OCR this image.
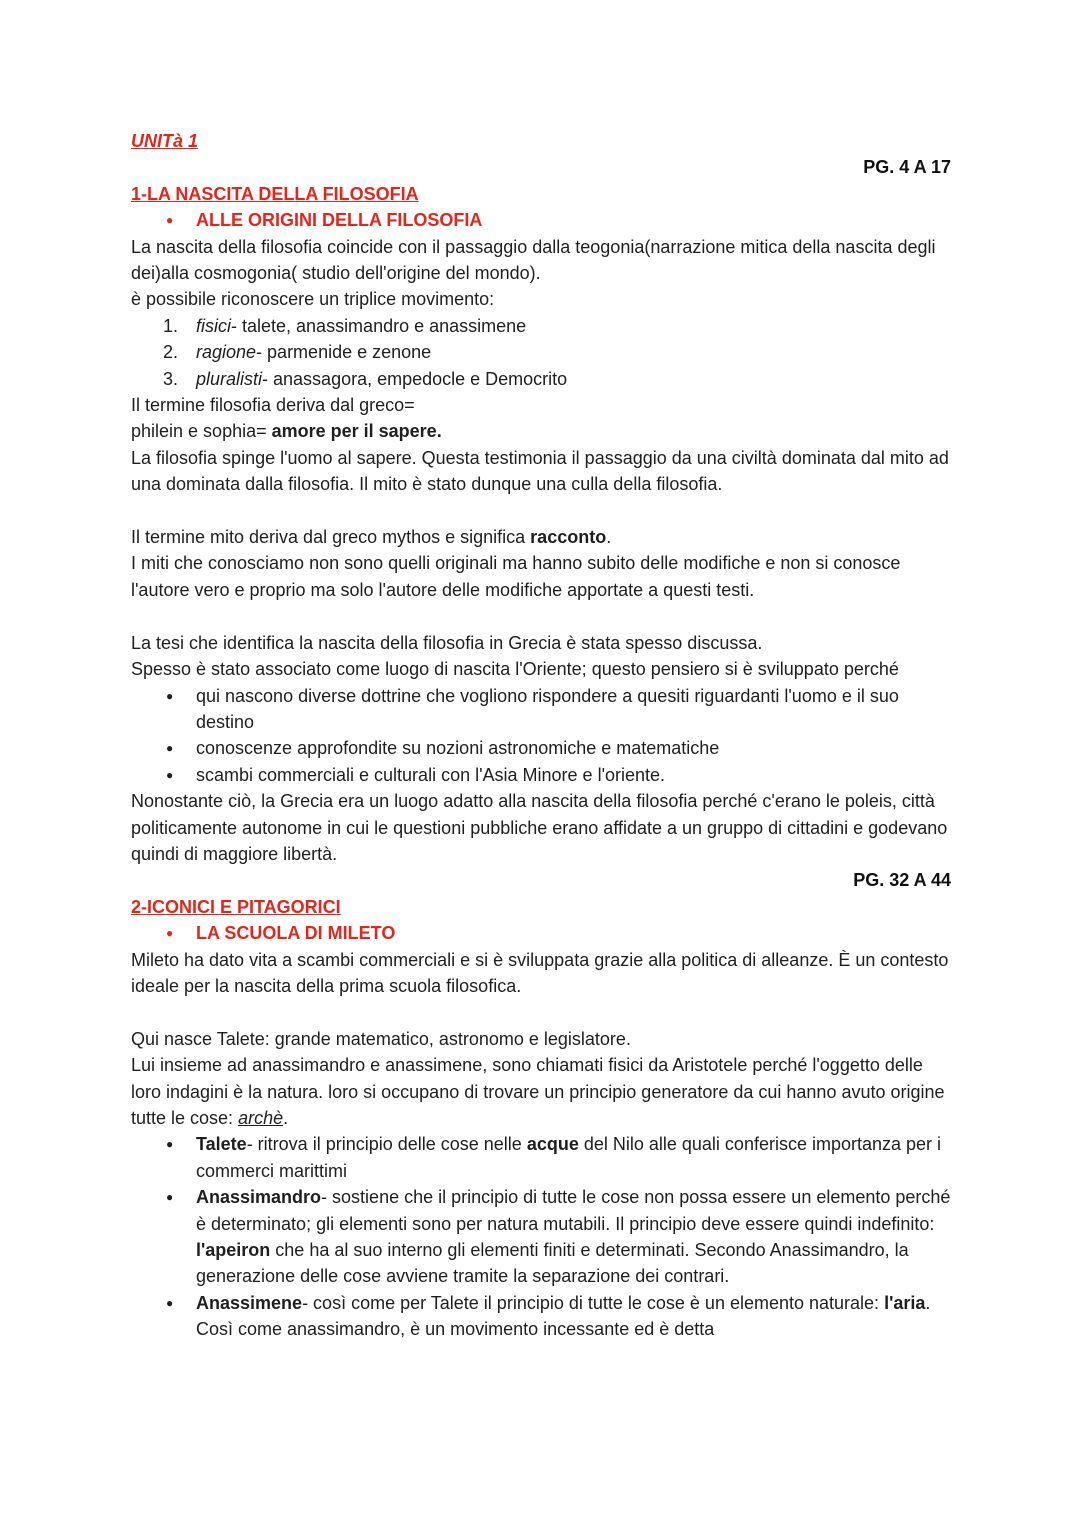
UNITà 1

PG. 4 A 17

1-LA NASCITA DELLA FILOSOFIA

● ALLE ORIGINI DELLA FILOSOFIA

La nascita della filosofia coincide con il passaggio dalla teogonia(narrazione mitica della nascita degli dei)alla cosmogonia( studio dell'origine del mondo).

è possibile riconoscere un triplice movimento:

1. fisici- talete, anassimandro e anassimene
2. ragione- parmenide e zenone
3. pluralisti- anassagora, empedocle e Democrito

Il termine filosofia deriva dal greco=

philein e sophia= amore per il sapere.

La filosofia spinge l'uomo al sapere. Questa testimonia il passaggio da una civiltà dominata dal mito ad una dominata dalla filosofia. Il mito è stato dunque una culla della filosofia.

Il termine mito deriva dal greco mythos e significa racconto.

I miti che conosciamo non sono quelli originali ma hanno subito delle modifiche e non si conosce l'autore vero e proprio ma solo l'autore delle modifiche apportate a questi testi.

La tesi che identifica la nascita della filosofia in Grecia è stata spesso discussa.

Spesso è stato associato come luogo di nascita l'Oriente; questo pensiero si è sviluppato perché

● qui nascono diverse dottrine che vogliono rispondere a quesiti riguardanti l'uomo e il suo destino
● conoscenze approfondite su nozioni astronomiche e matematiche
● scambi commerciali e culturali con l'Asia Minore e l'oriente.

Nonostante ciò, la Grecia era un luogo adatto alla nascita della filosofia perché c'erano le poleis, città politicamente autonome in cui le questioni pubbliche erano affidate a un gruppo di cittadini e godevano quindi di maggiore libertà.

PG. 32 A 44

2-ICONICI E PITAGORICI

● LA SCUOLA DI MILETO

Mileto ha dato vita a scambi commerciali e si è sviluppata grazie alla politica di alleanze. È un contesto ideale per la nascita della prima scuola filosofica.

Qui nasce Talete: grande matematico, astronomo e legislatore.

Lui insieme ad anassimandro e anassimene, sono chiamati fisici da Aristotele perché l'oggetto delle loro indagini è la natura. loro si occupano di trovare un principio generatore da cui hanno avuto origine tutte le cose: archè.

● Talete- ritrova il principio delle cose nelle acque del Nilo alle quali conferisce importanza per i commerci marittimi
● Anassimandro- sostiene che il principio di tutte le cose non possa essere un elemento perché è determinato; gli elementi sono per natura mutabili. Il principio deve essere quindi indefinito: l'apeiron che ha al suo interno gli elementi finiti e determinati. Secondo Anassimandro, la generazione delle cose avviene tramite la separazione dei contrari.
● Anassimene- così come per Talete il principio di tutte le cose è un elemento naturale: l'aria. Così come anassimandro, è un movimento incessante ed è detta
